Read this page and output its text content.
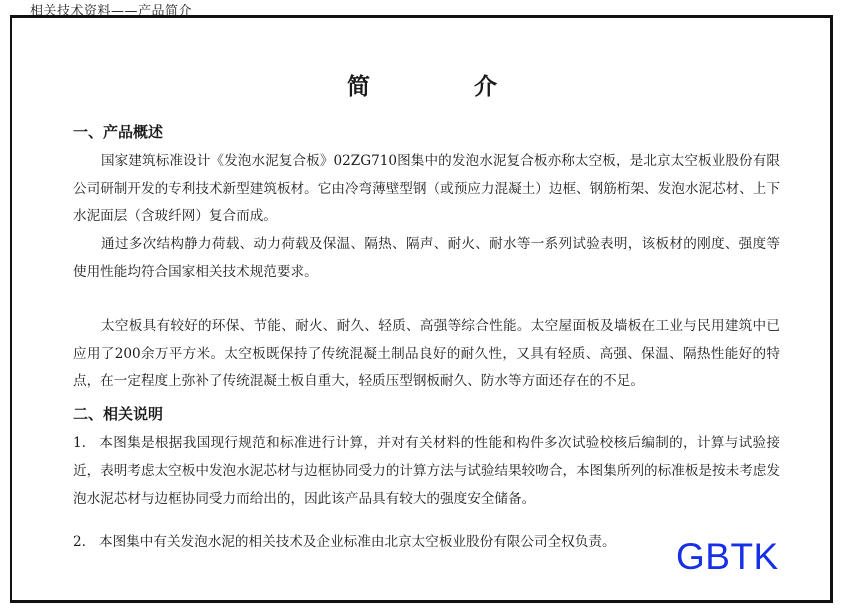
相关技术资料——产品简介
简 介
一、产品概述

国家建筑标准设计《发泡水泥复合板》02ZG710图集中的发泡水泥复合板亦称太空板，是北京太空板业股份有限公司研制开发的专利技术新型建筑板材。它由冷弯薄壁型钢（或预应力混凝土）边框、钢筋桁架、发泡水泥芯材、上下水泥面层（含玻纤网）复合而成。

通过多次结构静力荷载、动力荷载及保温、隔热、隔声、耐火、耐水等一系列试验表明，该板材的刚度、强度等使用性能均符合国家相关技术规范要求。

太空板具有较好的环保、节能、耐火、耐久、轻质、高强等综合性能。太空屋面板及墙板在工业与民用建筑中已应用了200余万平方米。太空板既保持了传统混凝土制品良好的耐久性，又具有轻质、高强、保温、隔热性能好的特点，在一定程度上弥补了传统混凝土板自重大，轻质压型钢板耐久、防水等方面还存在的不足。

二、相关说明

1. 本图集是根据我国现行规范和标准进行计算，并对有关材料的性能和构件多次试验校核后编制的，计算与试验接近，表明考虑太空板中发泡水泥芯材与边框协同受力的计算方法与试验结果较吻合，本图集所列的标准板是按未考虑发泡水泥芯材与边框协同受力而给出的，因此该产品具有较大的强度安全储备。

2. 本图集中有关发泡水泥的相关技术及企业标准由北京太空板业股份有限公司全权负责。	GBTK
